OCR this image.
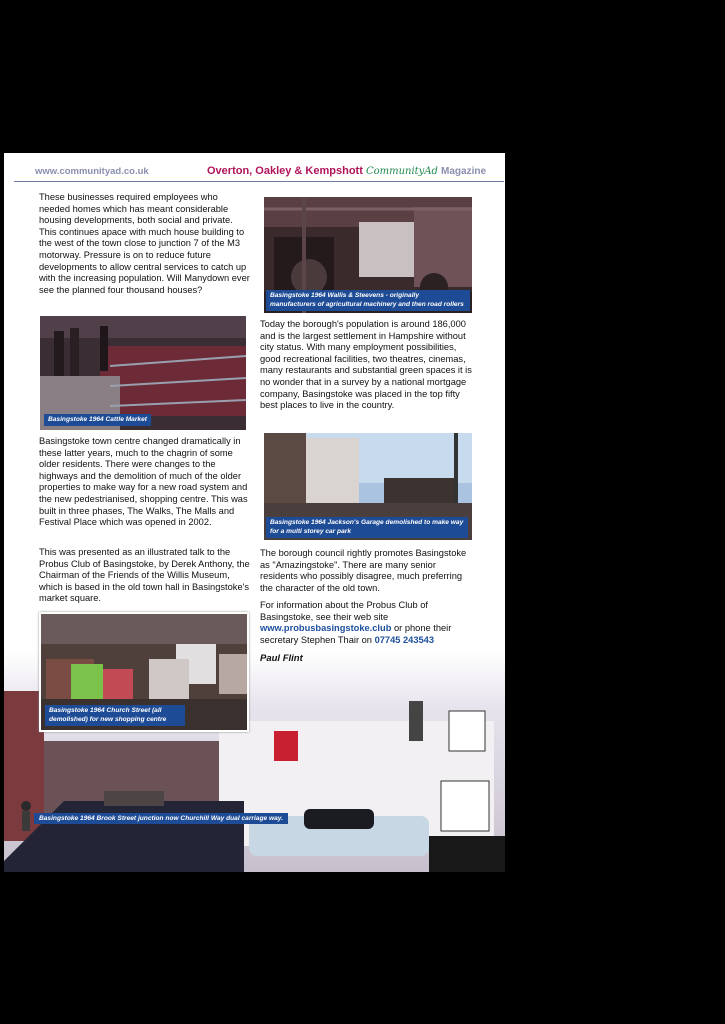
www.communityad.co.uk	Overton, Oakley & Kempshott CommunityAd Magazine

These businesses required employees who needed homes which has meant considerable housing developments, both social and private. This continues apace with much house building to the west of the town close to junction 7 of the M3 motorway. Pressure is on to reduce future developments to allow central services to catch up with the increasing population. Will Manydown ever see the planned four thousand houses?

Basingstoke 1964 Wallis & Steevens - originally manufacturers of agricultural machinery and then road rollers

Today the borough's population is around 186,000 and is the largest settlement in Hampshire without city status. With many employment possibilities, good recreational facilities, two theatres, cinemas, many restaurants and substantial green spaces it is no wonder that in a survey by a national mortgage company, Basingstoke was placed in the top fifty best places to live in the country.

Basingstoke 1964 Cattle Market

Basingstoke town centre changed dramatically in these latter years, much to the chagrin of some older residents. There were changes to the highways and the demolition of much of the older properties to make way for a new road system and the new pedestrianised, shopping centre. This was built in three phases, The Walks, The Malls and Festival Place which was opened in 2002.	Basingstoke 1964 Jackson's Garage demolished to make way for a multi storey car park

This was presented as an illustrated talk to the Probus Club of Basingstoke, by Derek Anthony, the Chairman of the Friends of the Willis Museum, which is based in the old town hall in Basingstoke's market square.

The borough council rightly promotes Basingstoke as "Amazingstoke". There are many senior residents who possibly disagree, much preferring the character of the old town.

For information about the Probus Club of Basingstoke, see their web site
www.probusbasingstoke.club or phone their secretary Stephen Thair on 07745 243543

Basingstoke 1964 Brook Street junction now Churchill Way dual carriage way.
Paul Flint
Basingstoke 1964 Church Street (all demolished) for new shopping centre
